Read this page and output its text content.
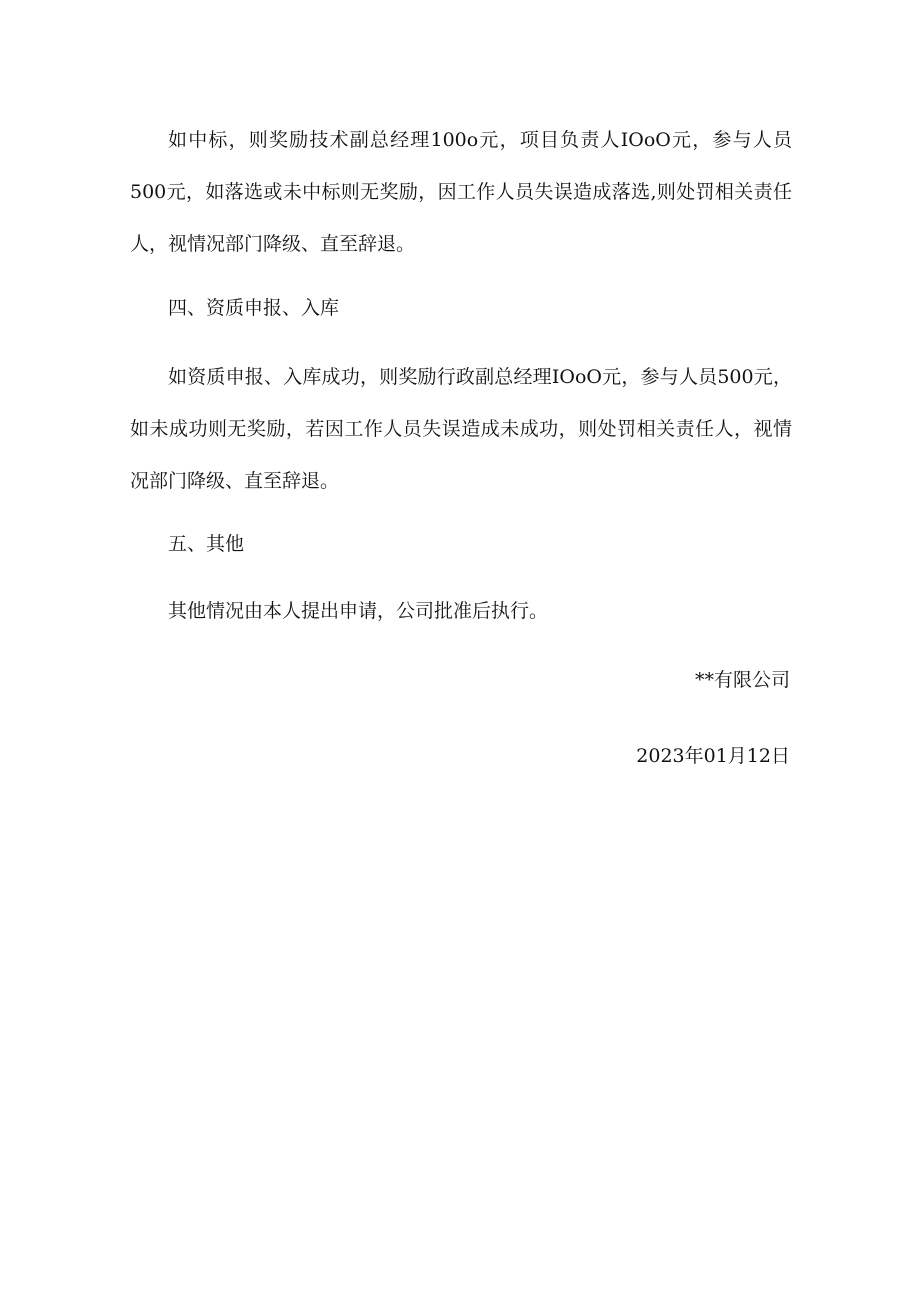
如中标，则奖励技术副总经理100o元，项目负责人IOoO元，参与人员500元，如落选或未中标则无奖励，因工作人员失误造成落选,则处罚相关责任人，视情况部门降级、直至辞退。

四、资质申报、入库

如资质申报、入库成功，则奖励行政副总经理IOoO元，参与人员500元，如未成功则无奖励，若因工作人员失误造成未成功，则处罚相关责任人，视情况部门降级、直至辞退。

五、其他

其他情况由本人提出申请，公司批准后执行。

**有限公司

2023年01月12日
